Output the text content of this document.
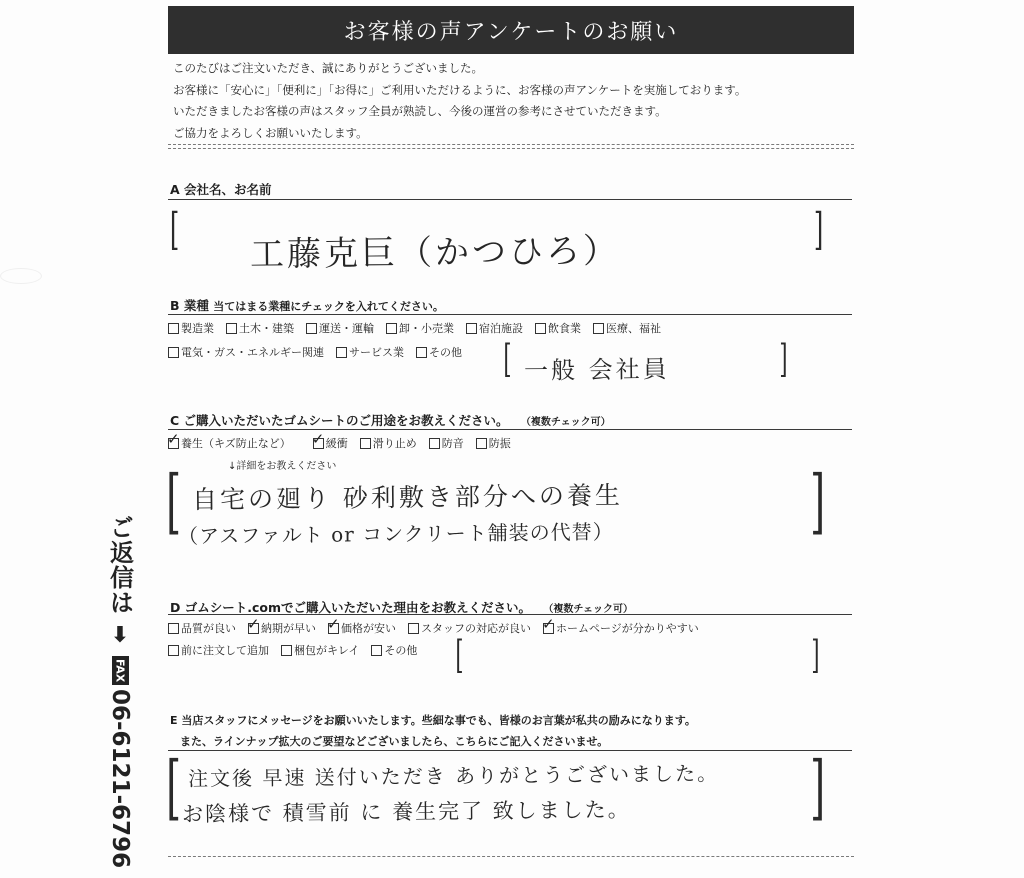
お客様の声アンケートのお願い
このたびはご注文いただき、誠にありがとうございました。
お客様に「安心に」「便利に」「お得に」ご利用いただけるように、お客様の声アンケートを実施しております。
いただきましたお客様の声はスタッフ全員が熟読し、今後の運営の参考にさせていただきます。
ご協力をよろしくお願いいたします。
A 会社名、お名前
[	]
工藤克巨（かつひろ）
B 業種 当てはまる業種にチェックを入れてください。
製造業 土木・建築 運送・運輸 卸・小売業 宿泊施設 飲食業 医療、福祉
電気・ガス・エネルギー関連 サービス業 その他 [	]
一般 会社員
C ご購入いただいたゴムシートのご用途をお教えください。 （複数チェック可）
✓
養生（キズ防止など） ✓	緩衝 滑り止め 防音 防振
↓詳細をお教えください
[	]
自宅の廻り 砂利敷き部分への養生
（アスファルト or コンクリート舗装の代替）
D ゴムシート.comでご購入いただいた理由をお教えください。 （複数チェック可）
品質が良い ✓ 納期が早い ✓ 価格が安い スタッフの対応が良い ✓ ホームページが分かりやすい
前に注文して追加 梱包がキレイ その他 [	]
E 当店スタッフにメッセージをお願いいたします。些細な事でも、皆様のお言葉が私共の励みになります。
また、ラインナップ拡大のご要望などございましたら、こちらにご記入くださいませ。
[	]
注文後 早速 送付いただき ありがとうございました。
お陰様で 積雪前 に 養生完了 致しました。
ご返信は
⬇
FAX
06-6121-6796
